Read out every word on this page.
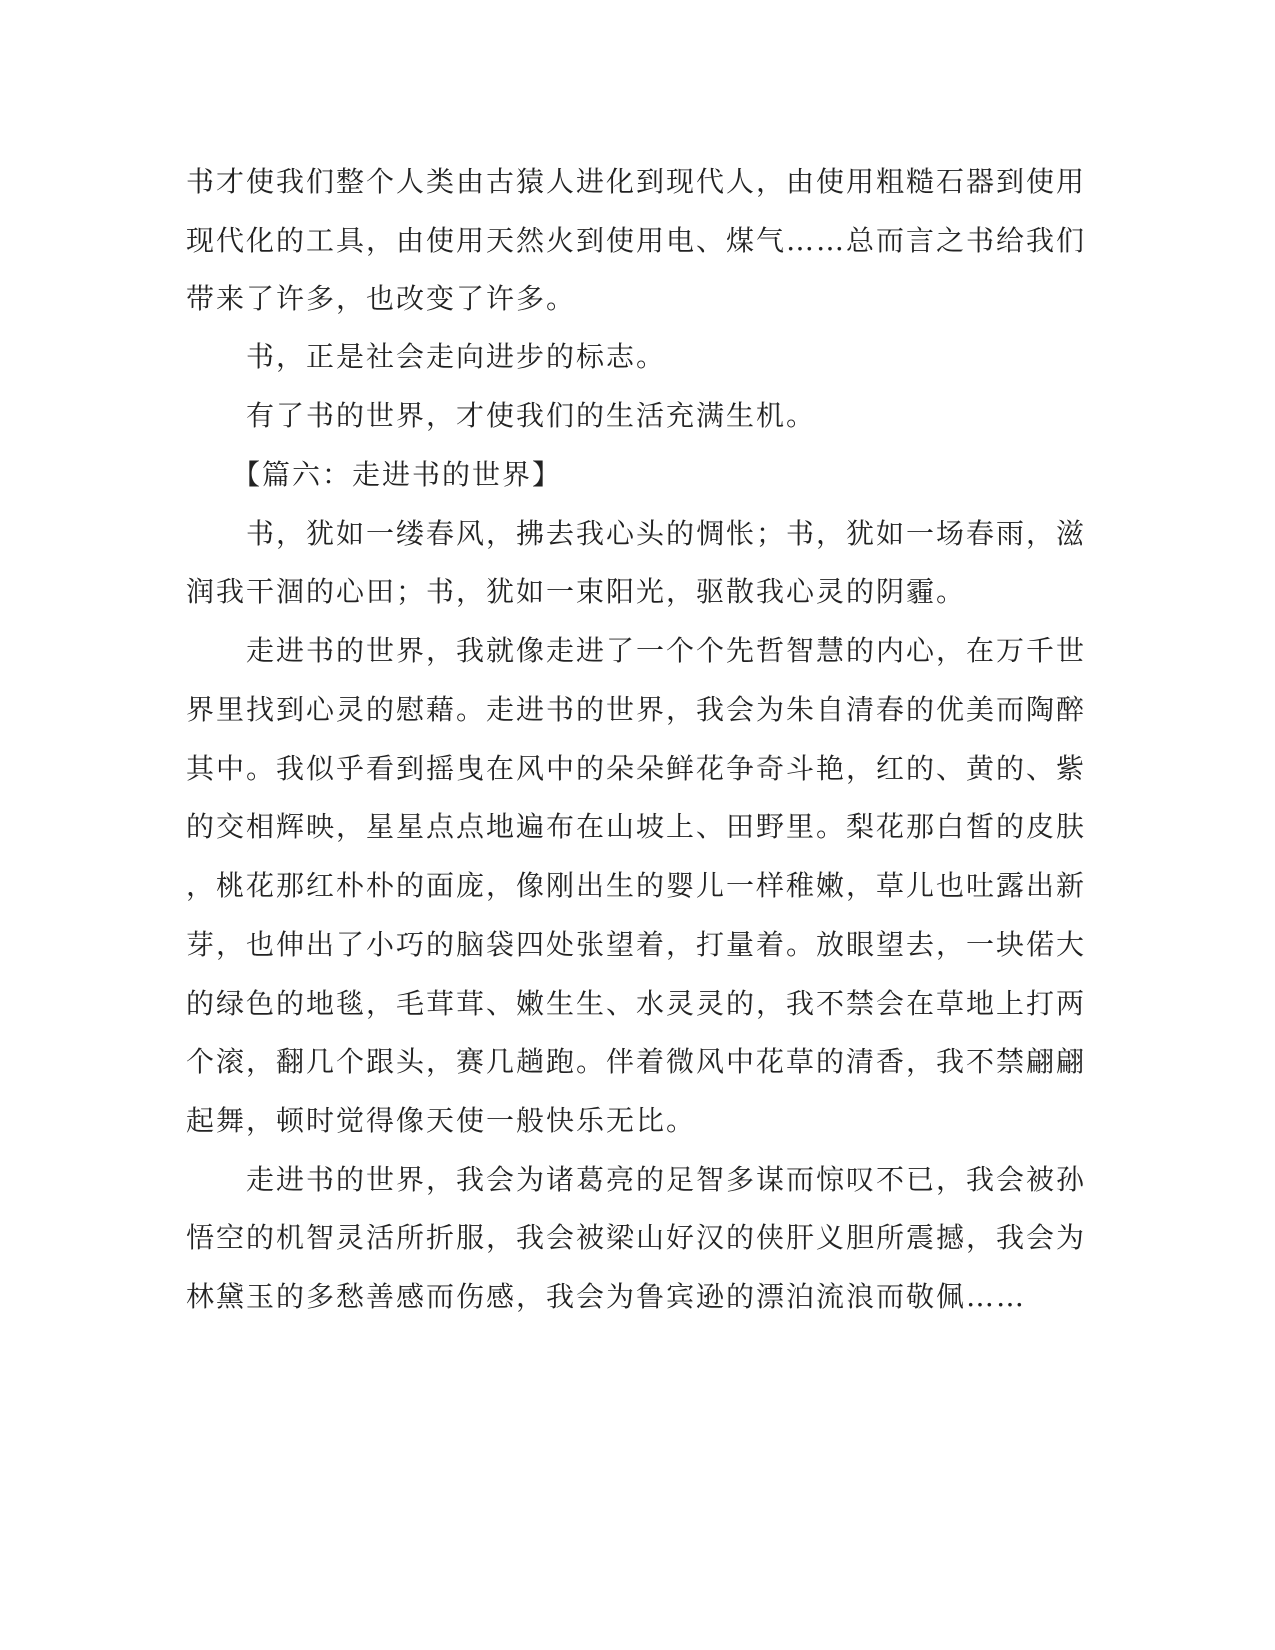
书才使我们整个人类由古猿人进化到现代人，由使用粗糙石器到使用
现代化的工具，由使用天然火到使用电、煤气……总而言之书给我们
带来了许多，也改变了许多。
　　书，正是社会走向进步的标志。
　　有了书的世界，才使我们的生活充满生机。
　　【篇六：走进书的世界】
　　书，犹如一缕春风，拂去我心头的惆怅；书，犹如一场春雨，滋
润我干涸的心田；书，犹如一束阳光，驱散我心灵的阴霾。
　　走进书的世界，我就像走进了一个个先哲智慧的内心，在万千世
界里找到心灵的慰藉。走进书的世界，我会为朱自清春的优美而陶醉
其中。我似乎看到摇曳在风中的朵朵鲜花争奇斗艳，红的、黄的、紫
的交相辉映，星星点点地遍布在山坡上、田野里。梨花那白皙的皮肤
，桃花那红朴朴的面庞，像刚出生的婴儿一样稚嫩，草儿也吐露出新
芽，也伸出了小巧的脑袋四处张望着，打量着。放眼望去，一块偌大
的绿色的地毯，毛茸茸、嫩生生、水灵灵的，我不禁会在草地上打两
个滚，翻几个跟头，赛几趟跑。伴着微风中花草的清香，我不禁翩翩
起舞，顿时觉得像天使一般快乐无比。
　　走进书的世界，我会为诸葛亮的足智多谋而惊叹不已，我会被孙
悟空的机智灵活所折服，我会被梁山好汉的侠肝义胆所震撼，我会为
林黛玉的多愁善感而伤感，我会为鲁宾逊的漂泊流浪而敬佩……
